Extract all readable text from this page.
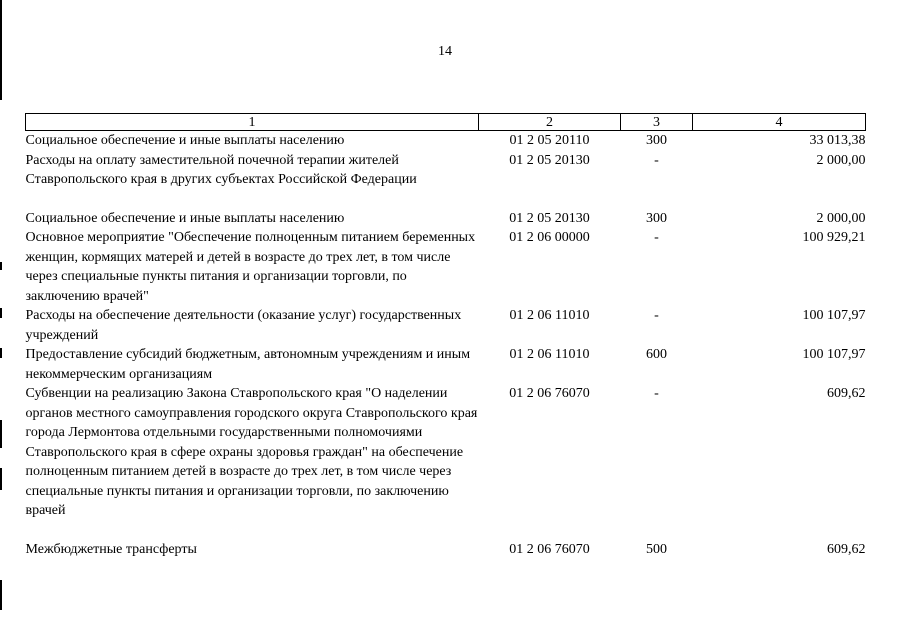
14
1	2	3	4
Социальное обеспечение и иные выплаты населению	01 2 05 20110	300	33 013,38
Расходы на оплату заместительной почечной терапии жителей Ставропольского края в других субъектах Российской Федерации	01 2 05 20130	-	2 000,00

Социальное обеспечение и иные выплаты населению	01 2 05 20130	300	2 000,00
Основное мероприятие "Обеспечение полноценным питанием беременных женщин, кормящих матерей и детей в возрасте до трех лет, в том числе через специальные пункты питания и организации торговли, по заключению врачей"	01 2 06 00000	-	100 929,21
Расходы на обеспечение деятельности (оказание услуг) государственных учреждений	01 2 06 11010	-	100 107,97
Предоставление субсидий бюджетным, автономным учреждениям и иным некоммерческим организациям	01 2 06 11010	600	100 107,97
Субвенции на реализацию Закона Ставропольского края "О наделении органов местного самоуправления городского округа Ставропольского края города Лермонтова отдельными государственными полномочиями Ставропольского края в сфере охраны здоровья граждан" на обеспечение полноценным питанием детей в возрасте до трех лет, в том числе через специальные пункты питания и организации торговли, по заключению врачей	01 2 06 76070	-	609,62

Межбюджетные трансферты	01 2 06 76070	500	609,62
